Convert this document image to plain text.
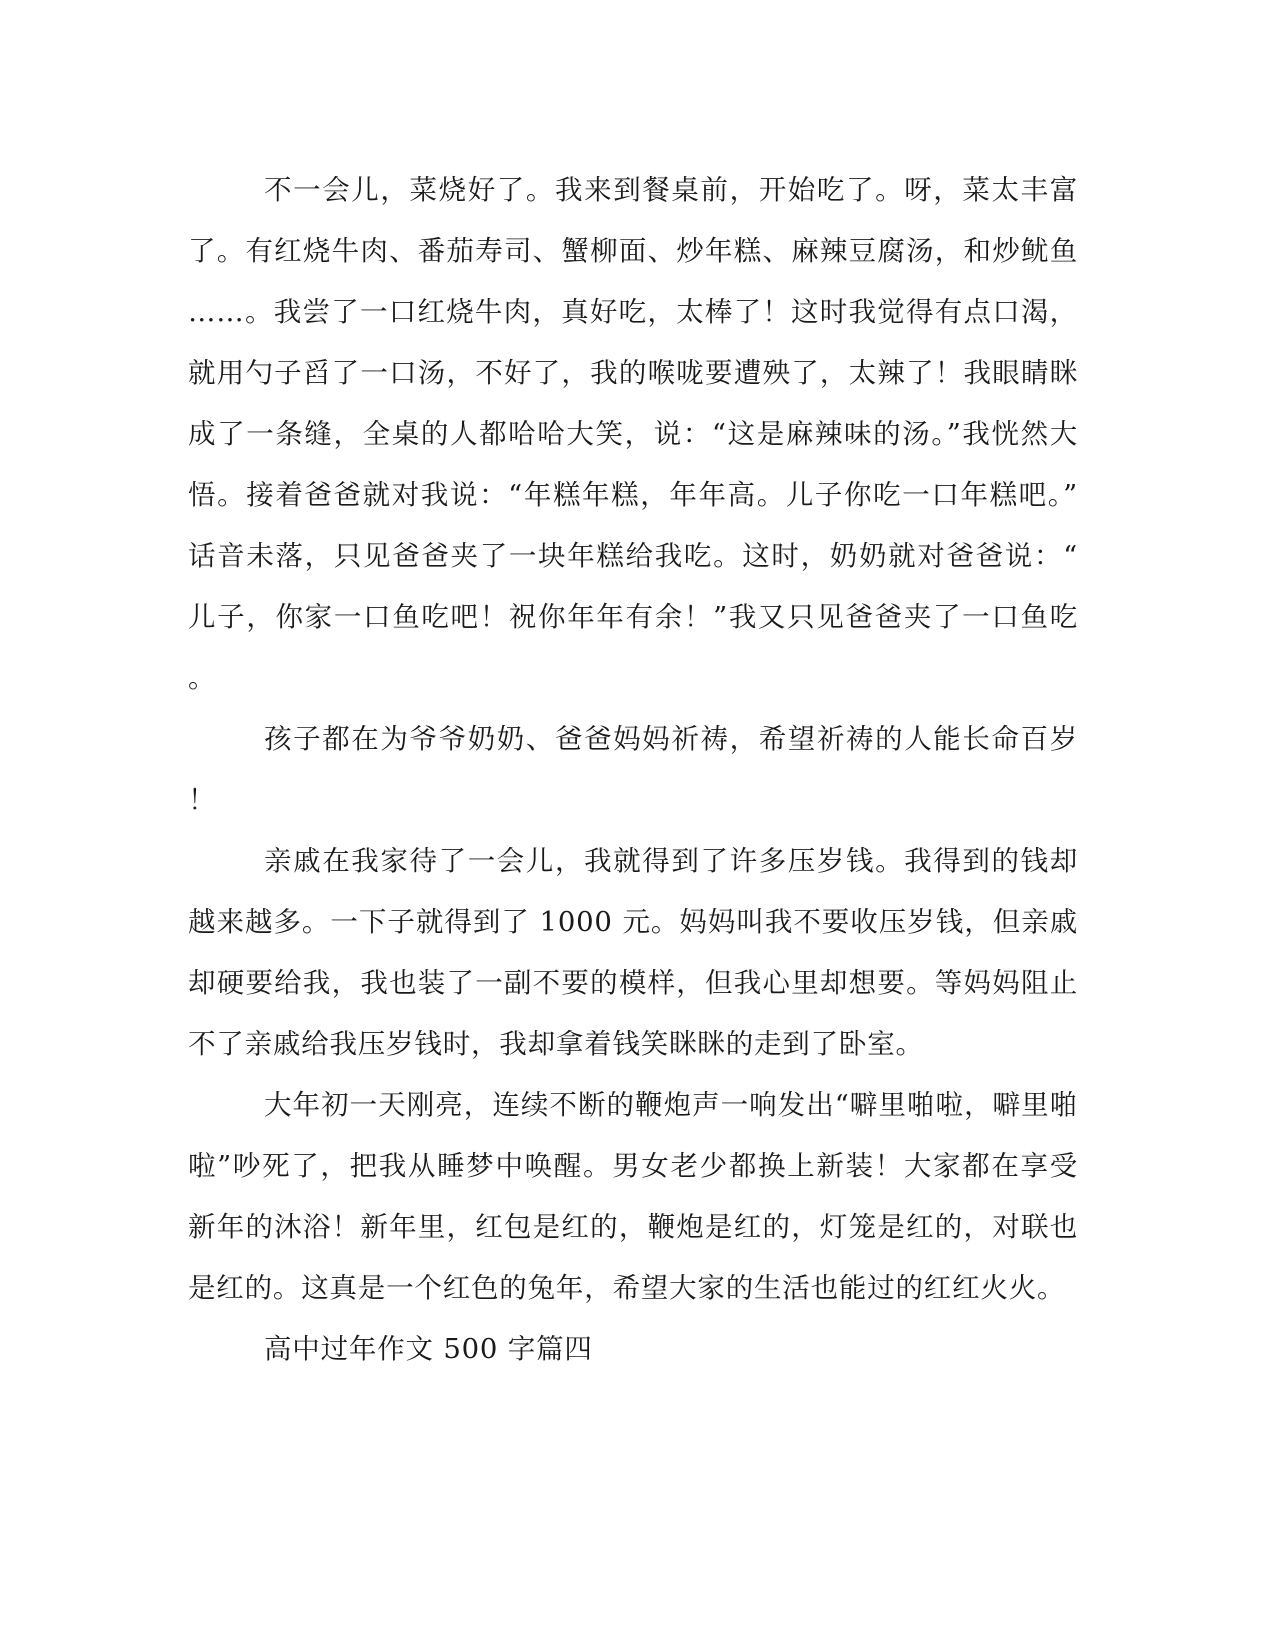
不一会儿，菜烧好了。我来到餐桌前，开始吃了。呀，菜太丰富了。有红烧牛肉、番茄寿司、蟹柳面、炒年糕、麻辣豆腐汤，和炒鱿鱼……。我尝了一口红烧牛肉，真好吃，太棒了！这时我觉得有点口渴，就用勺子舀了一口汤，不好了，我的喉咙要遭殃了，太辣了！我眼睛眯成了一条缝，全桌的人都哈哈大笑，说：“这是麻辣味的汤。”我恍然大悟。接着爸爸就对我说：“年糕年糕，年年高。儿子你吃一口年糕吧。”话音未落，只见爸爸夹了一块年糕给我吃。这时，奶奶就对爸爸说：“儿子，你家一口鱼吃吧！祝你年年有余！”我又只见爸爸夹了一口鱼吃。

孩子都在为爷爷奶奶、爸爸妈妈祈祷，希望祈祷的人能长命百岁！

亲戚在我家待了一会儿，我就得到了许多压岁钱。我得到的钱却越来越多。一下子就得到了 1000 元。妈妈叫我不要收压岁钱，但亲戚却硬要给我，我也装了一副不要的模样，但我心里却想要。等妈妈阻止不了亲戚给我压岁钱时，我却拿着钱笑眯眯的走到了卧室。

大年初一天刚亮，连续不断的鞭炮声一响发出“噼里啪啦，噼里啪啦”吵死了，把我从睡梦中唤醒。男女老少都换上新装！大家都在享受新年的沐浴！新年里，红包是红的，鞭炮是红的，灯笼是红的，对联也是红的。这真是一个红色的兔年，希望大家的生活也能过的红红火火。

高中过年作文 500 字篇四
